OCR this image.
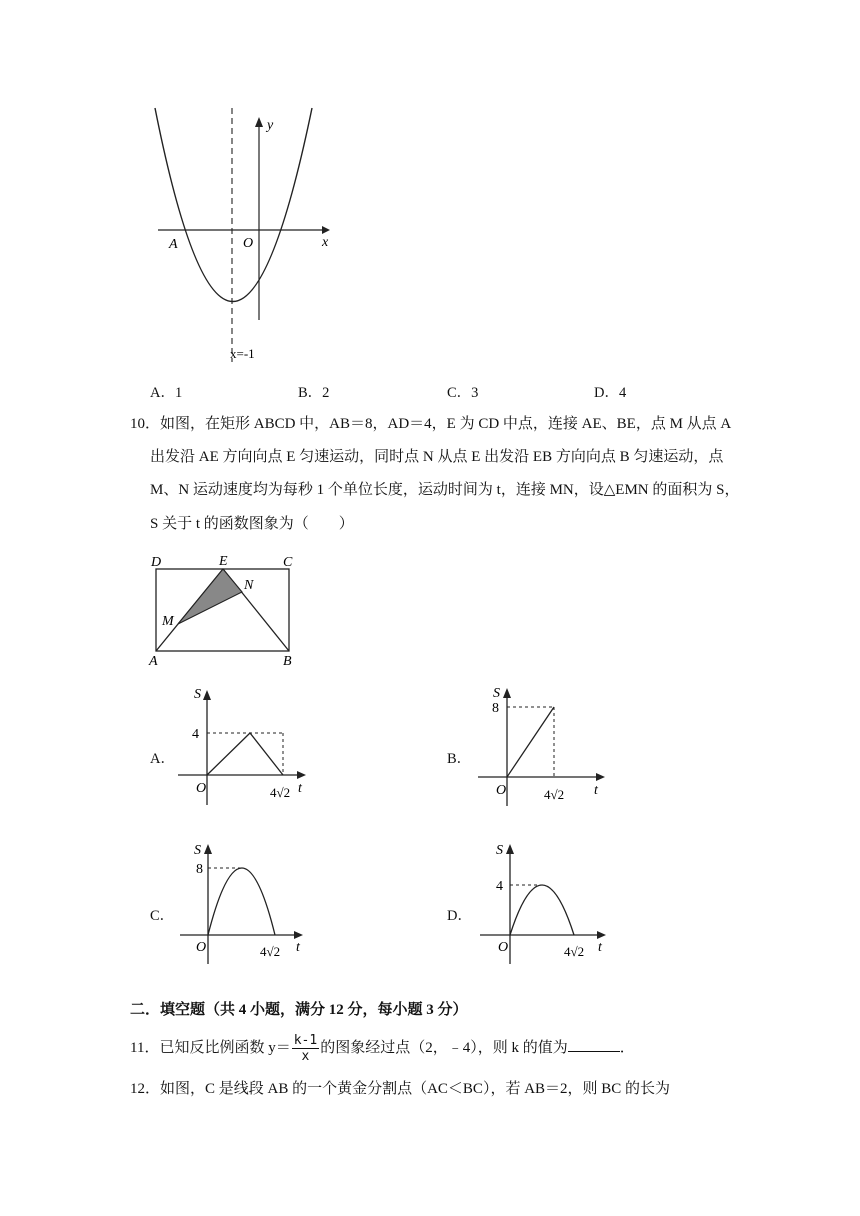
y
x
O
A
x=-1
A．1	B．2	C．3	D．4
10．如图，在矩形 ABCD 中，AB＝8，AD＝4，E 为 CD 中点，连接 AE、BE，点 M 从点 A
出发沿 AE 方向向点 E 匀速运动，同时点 N 从点 E 出发沿 EB 方向向点 B 匀速运动，点
M、N 运动速度均为每秒 1 个单位长度，运动时间为 t，连接 MN，设△EMN 的面积为 S，
S 关于 t 的函数图象为（　　）
D	E	C
N
M
A	B
A．
S
t
O
4
4√2
B．
S
t
O
8
4√2
C．
S
t
O
8
4√2
D．
S
t
O
4
4√2
二．填空题（共 4 小题，满分 12 分，每小题 3 分）
11．已知反比例函数 $y= \frac{k-1}{x}$ 的图象经过点（2，﹣4），则 k 的值为	．
12．如图，C 是线段 AB 的一个黄金分割点（AC＜BC），若 AB＝2，则 BC 的长为
